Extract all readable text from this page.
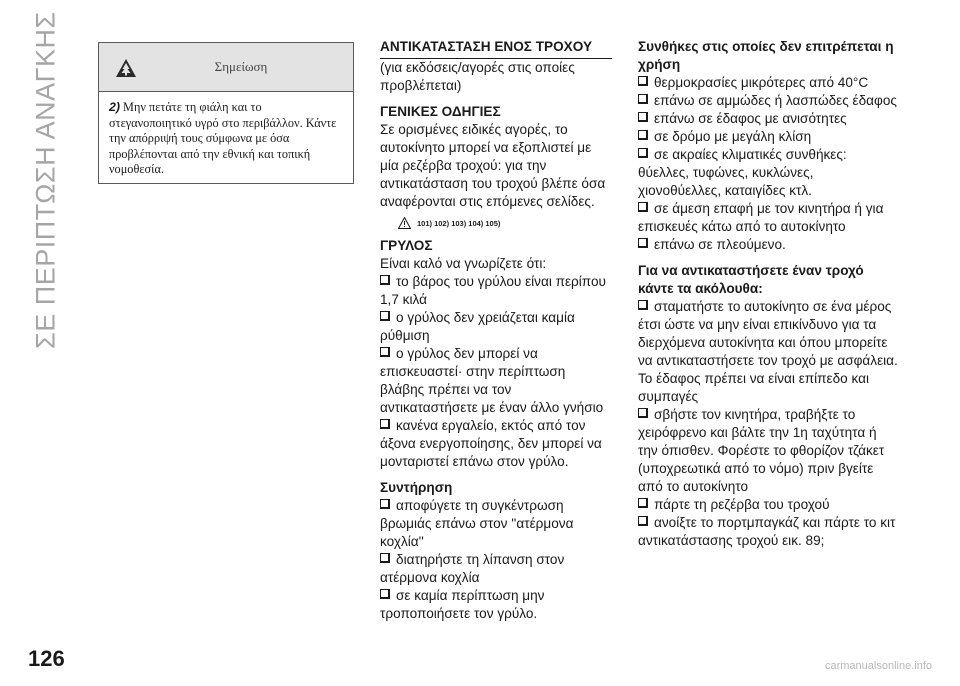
ΣΕ ΠΕΡΙΠΤΩΣΗ ΑΝΑΓΚΗΣ
126	carmanualsonline.info
Σημείωση
2) Μην πετάτε τη φιάλη και το στεγανοποιητικό υγρό στο περιβάλλον. Κάντε την απόρριψή τους σύμφωνα με όσα προβλέπονται από την εθνική και τοπική νομοθεσία.

ΑΝΤΙΚΑΤΑΣΤΑΣΗ ΕΝΟΣ ΤΡΟΧΟΥ

(για εκδόσεις/αγορές στις οποίες προβλέπεται)

ΓΕΝΙΚΕΣ ΟΔΗΓΙΕΣ

Σε ορισμένες ειδικές αγορές, το αυτοκίνητο μπορεί να εξοπλιστεί με μία ρεζέρβα τροχού: για την αντικατάσταση του τροχού βλέπε όσα αναφέρονται στις επόμενες σελίδες.

101) 102) 103) 104) 105)

ΓΡΥΛΟΣ

Είναι καλό να γνωρίζετε ότι:

το βάρος του γρύλου είναι περίπου 1,7 κιλά

ο γρύλος δεν χρειάζεται καμία ρύθμιση

ο γρύλος δεν μπορεί να επισκευαστεί· στην περίπτωση βλάβης πρέπει να τον αντικαταστήσετε με έναν άλλο γνήσιο

κανένα εργαλείο, εκτός από τον άξονα ενεργοποίησης, δεν μπορεί να μονταριστεί επάνω στον γρύλο.

Συντήρηση

αποφύγετε τη συγκέντρωση βρωμιάς επάνω στον ''ατέρμονα κοχλία''

διατηρήστε τη λίπανση στον ατέρμονα κοχλία

σε καμία περίπτωση μην τροποποιήσετε τον γρύλο.

Συνθήκες στις οποίες δεν επιτρέπεται η χρήση

θερμοκρασίες μικρότερες από 40°C

επάνω σε αμμώδες ή λασπώδες έδαφος

επάνω σε έδαφος με ανισότητες

σε δρόμο με μεγάλη κλίση

σε ακραίες κλιματικές συνθήκες: θύελλες, τυφώνες, κυκλώνες, χιονοθύελλες, καταιγίδες κτλ.

σε άμεση επαφή με τον κινητήρα ή για επισκευές κάτω από το αυτοκίνητο

επάνω σε πλεούμενο.

Για να αντικαταστήσετε έναν τροχό κάντε τα ακόλουθα:

σταματήστε το αυτοκίνητο σε ένα μέρος έτσι ώστε να μην είναι επικίνδυνο για τα διερχόμενα αυτοκίνητα και όπου μπορείτε να αντικαταστήσετε τον τροχό με ασφάλεια. Το έδαφος πρέπει να είναι επίπεδο και συμπαγές

σβήστε τον κινητήρα, τραβήξτε το χειρόφρενο και βάλτε την 1η ταχύτητα ή την όπισθεν. Φορέστε το φθορίζον τζάκετ (υποχρεωτικά από το νόμο) πριν βγείτε από το αυτοκίνητο

πάρτε τη ρεζέρβα του τροχού

ανοίξτε το πορτμπαγκάζ και πάρτε το κιτ αντικατάστασης τροχού εικ. 89;
